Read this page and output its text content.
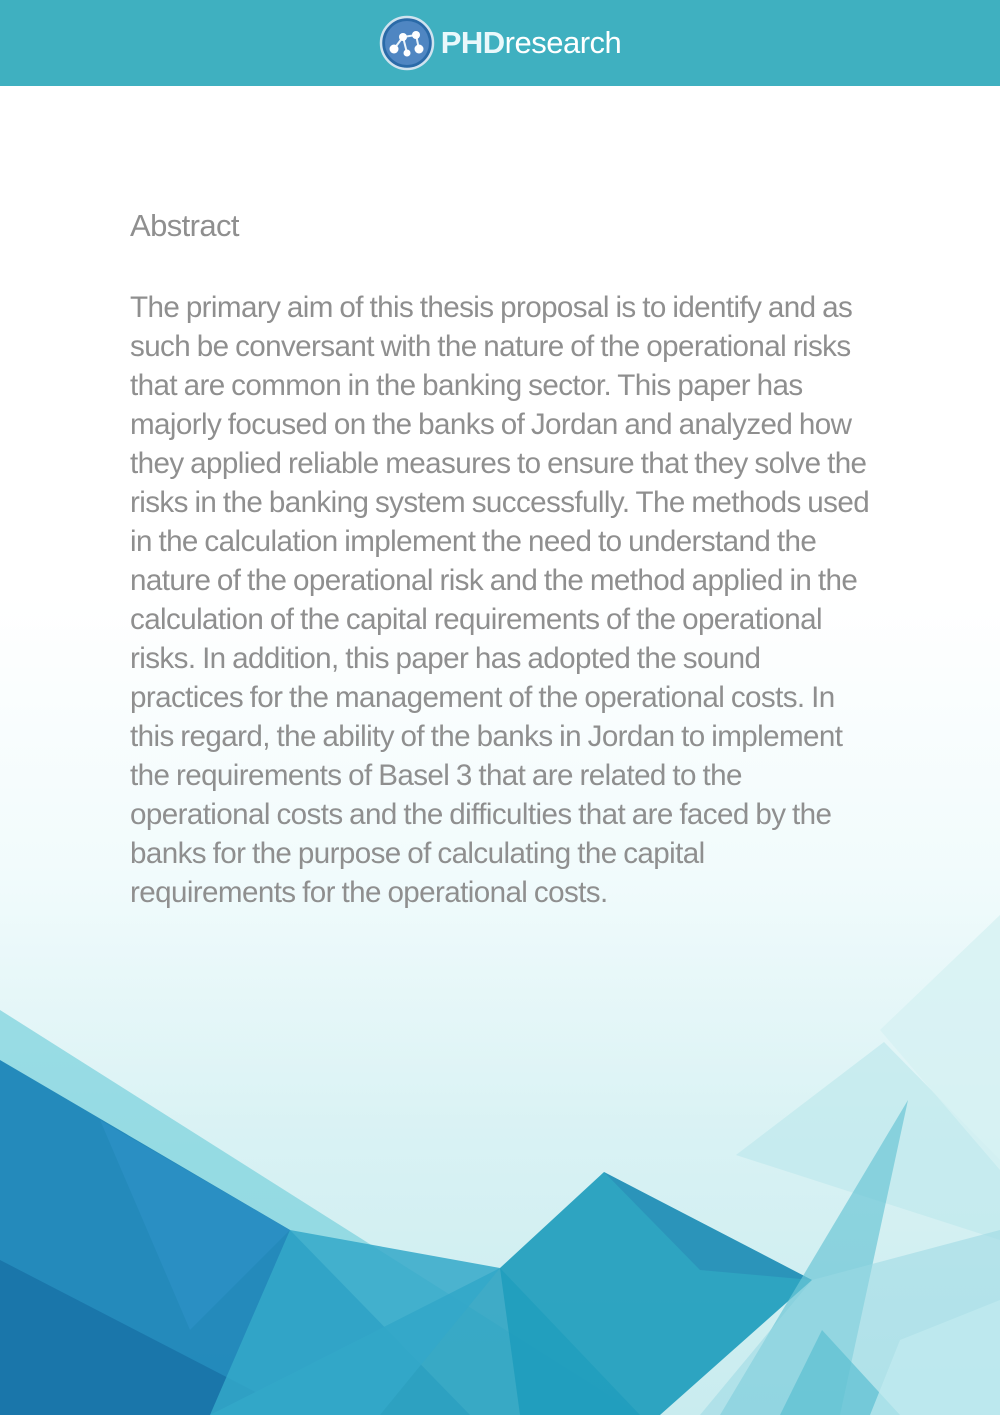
PHDresearch
Abstract

The primary aim of this thesis proposal is to identify and as such be conversant with the nature of the operational risks that are common in the banking sector. This paper has majorly focused on the banks of Jordan and analyzed how they applied reliable measures to ensure that they solve the risks in the banking system successfully. The methods used in the calculation implement the need to understand the nature of the operational risk and the method applied in the calculation of the capital requirements of the operational risks. In addition, this paper has adopted the sound practices for the management of the operational costs. In this regard, the ability of the banks in Jordan to implement the requirements of Basel 3 that are related to the operational costs and the difficulties that are faced by the banks for the purpose of calculating the capital requirements for the operational costs.
